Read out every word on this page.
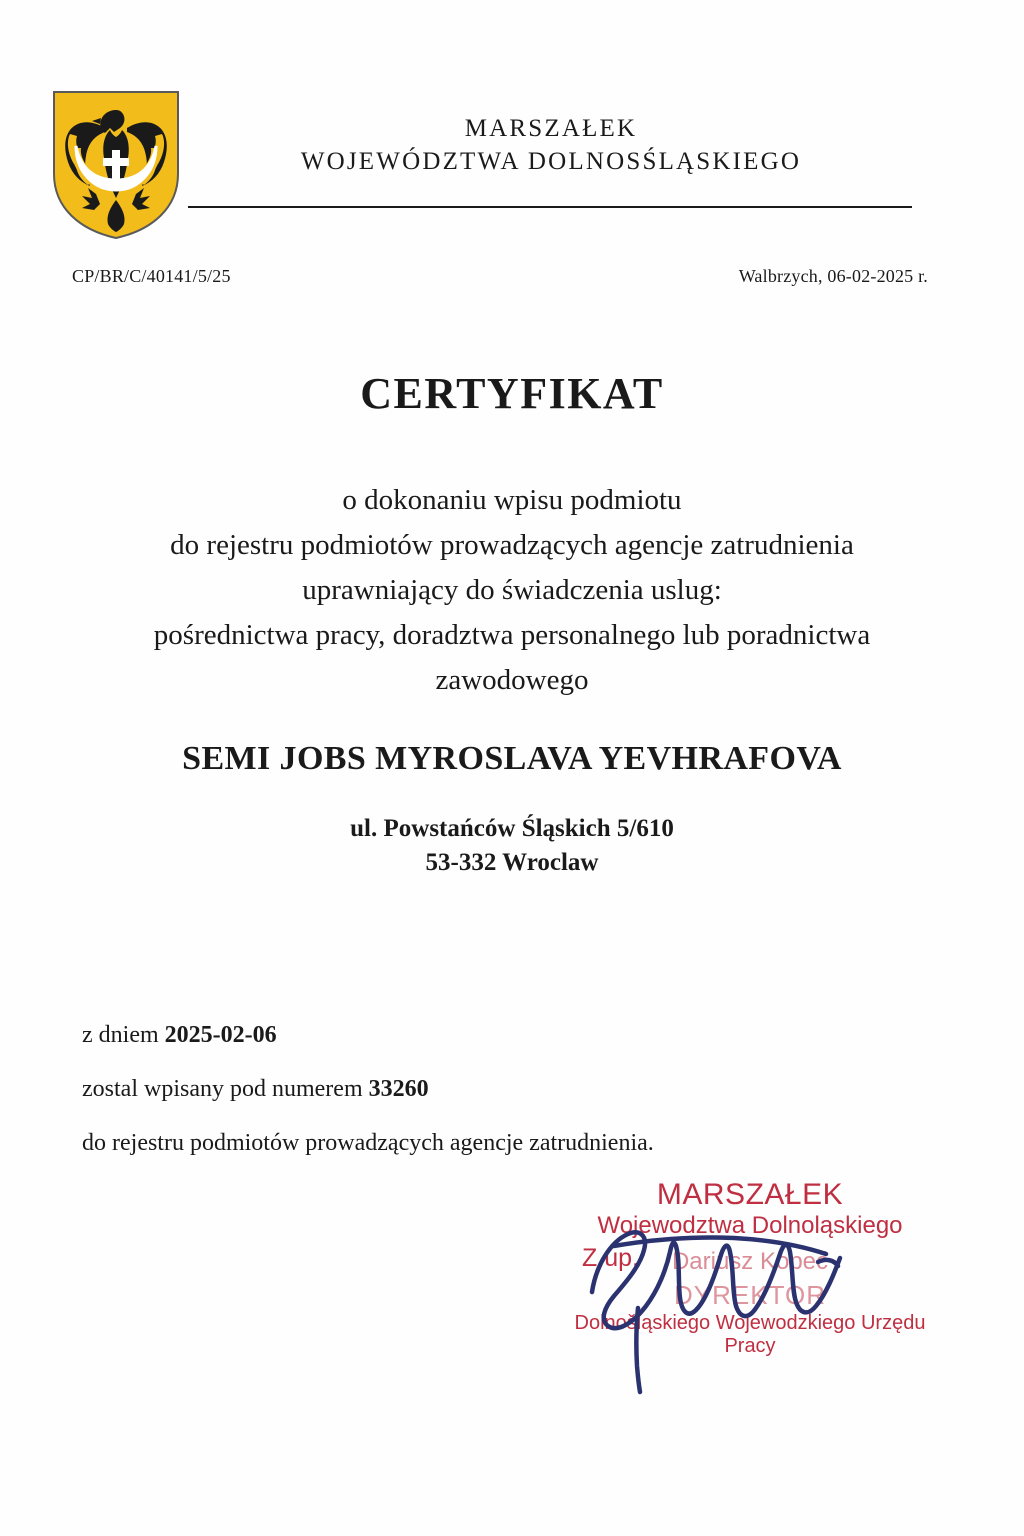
MARSZAŁEK
WOJEWÓDZTWA DOLNOSŚLĄSKIEGO
CP/BR/C/40141/5/25	Walbrzych, 06-02-2025 r.
CERTYFIKAT
o dokonaniu wpisu podmiotu
do rejestru podmiotów prowadzących agencje zatrudnienia
uprawniający do świadczenia uslug:
pośrednictwa pracy, doradztwa personalnego lub poradnictwa
zawodowego
SEMI JOBS MYROSLAVA YEVHRAFOVA
ul. Powstańców Śląskich 5/610
53-332 Wroclaw
z dniem 2025-02-06
zostal wpisany pod numerem 33260
do rejestru podmiotów prowadzących agencje zatrudnienia.
MARSZAŁEK
Wojewodztwa Dolnoląskiego
Z up.	Dariusz Kopeć
DYREKTOR
Dolnošląskiego Wojewodzkiego Urzędu Pracy
